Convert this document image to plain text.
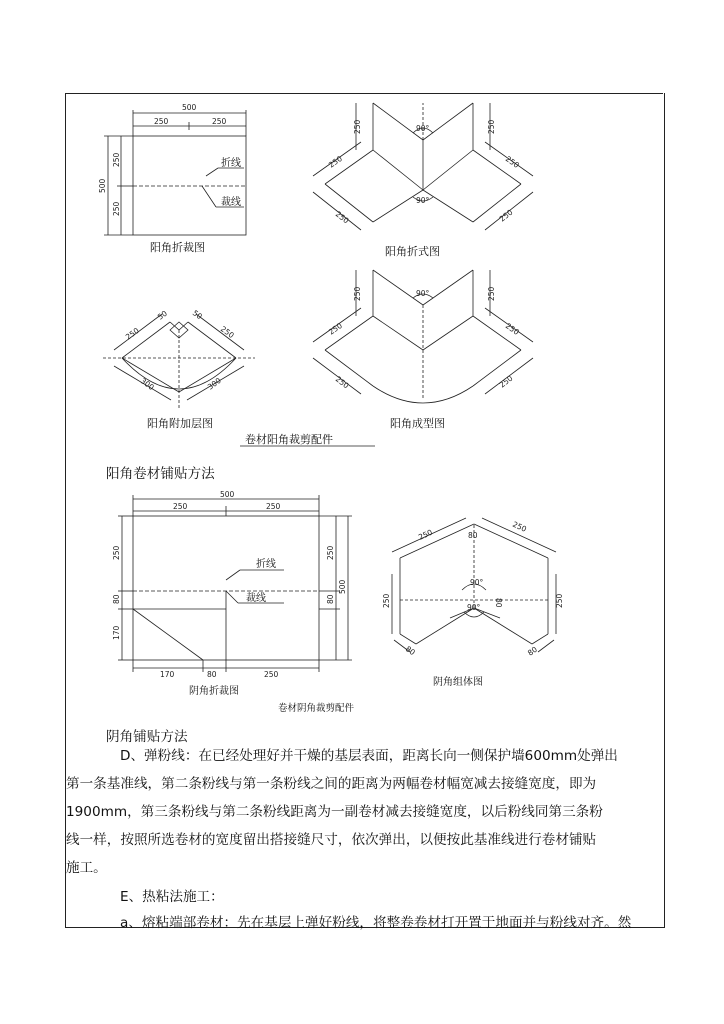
500
250	250
500
250
250
折线
裁线
阳角折裁图
250	250
250	250
250	250
90°
90°
阳角折式图
250
50	50
250
300	300
阳角附加层图
250	250
250	250
250	250
90°
阳角成型图
卷材阳角裁剪配件
500
250	250
250
80
170
250
80
500
170	80	250
折线
裁线
阴角折裁图
250
250
80
250	250
80	80
80
90°
90°
阴角组体图
卷材阴角裁剪配件
阳角卷材铺贴方法
阴角铺贴方法
D、弹粉线：在已经处理好并干燥的基层表面，距离长向一侧保护墙600mm处弹出
第一条基准线，第二条粉线与第一条粉线之间的距离为两幅卷材幅宽减去接缝宽度，即为
1900mm，第三条粉线与第二条粉线距离为一副卷材减去接缝宽度，以后粉线同第三条粉
线一样，按照所选卷材的宽度留出搭接缝尺寸，依次弹出，以便按此基准线进行卷材铺贴
施工。
E、热粘法施工：
a、熔粘端部卷材：先在基层上弹好粉线，将整卷卷材打开置于地面并与粉线对齐。然
